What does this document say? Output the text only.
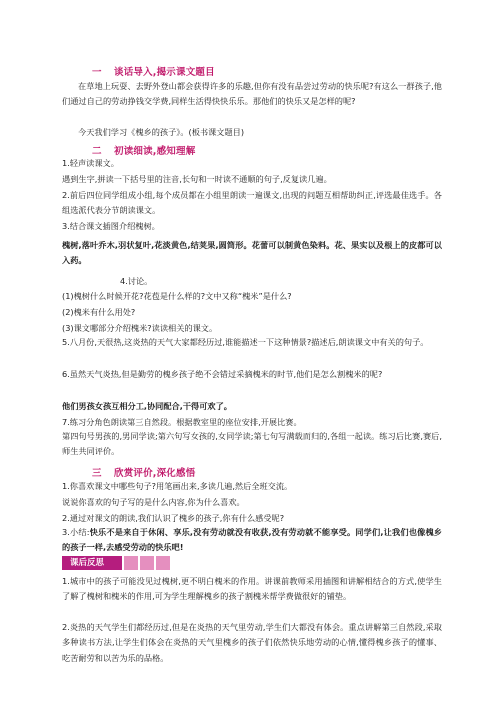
一 谈话导入,揭示课文题目
在草地上玩耍、去野外登山都会获得许多的乐趣,但你有没有品尝过劳动的快乐呢?有这么一群孩子,他们通过自己的劳动挣钱交学费,同样生活得快快乐乐。那他们的快乐又是怎样的呢?
今天我们学习《槐乡的孩子》。(板书课文题目)
二 初读细读,感知理解
1.轻声读课文。
遇到生字,拼读一下括号里的注音,长句和一时读不通顺的句子,反复读几遍。
2.前后四位同学组成小组,每个成员都在小组里朗读一遍课文,出现的问题互相帮助纠正,评选最佳选手。各组选派代表分节朗读课文。
3.结合课文插图介绍槐树。
槐树,落叶乔木,羽状复叶,花淡黄色,结荚果,圆筒形。花蕾可以制黄色染料。花、果实以及根上的皮都可以入药。
4.讨论。
(1)槐树什么时候开花?花苞是什么样的?文中又称“槐米”是什么?
(2)槐米有什么用处?
(3)课文哪部分介绍槐米?读读相关的课文。
5.八月份,天很热,这炎热的天气大家都经历过,谁能描述一下这种情景?描述后,朗读课文中有关的句子。
6.虽然天气炎热,但是勤劳的槐乡孩子绝不会错过采摘槐米的时节,他们是怎么割槐米的呢?
他们男孩女孩互相分工,协同配合,干得可欢了。
7.练习分角色朗读第三自然段。根据教室里的座位安排,开展比赛。
第四句号男孩的,男同学读;第六句写女孩的,女同学读;第七句写满载而归的,各组一起读。练习后比赛,赛后,师生共同评价。
三 欣赏评价,深化感悟
1.你喜欢课文中哪些句子?用笔画出来,多读几遍,然后全班交流。
说说你喜欢的句子写的是什么内容,你为什么喜欢。
2.通过对课文的朗读,我们认识了槐乡的孩子,你有什么感受呢?
3.小结:快乐不是来自于休闲、享乐,没有劳动就没有收获,没有劳动就不能享受。同学们,让我们也像槐乡的孩子一样,去感受劳动的快乐吧!
课后反思
1.城市中的孩子可能没见过槐树,更不明白槐米的作用。讲课前教师采用插图和讲解相结合的方式,使学生了解了槐树和槐米的作用,可为学生理解槐乡的孩子割槐米帮学费做很好的铺垫。
2.炎热的天气学生们都经历过,但是在炎热的天气里劳动,学生们大都没有体会。重点讲解第三自然段,采取多种读书方法,让学生们体会在炎热的天气里槐乡的孩子们依然快乐地劳动的心情,懂得槐乡孩子的懂事、吃苦耐劳和以苦为乐的品格。
